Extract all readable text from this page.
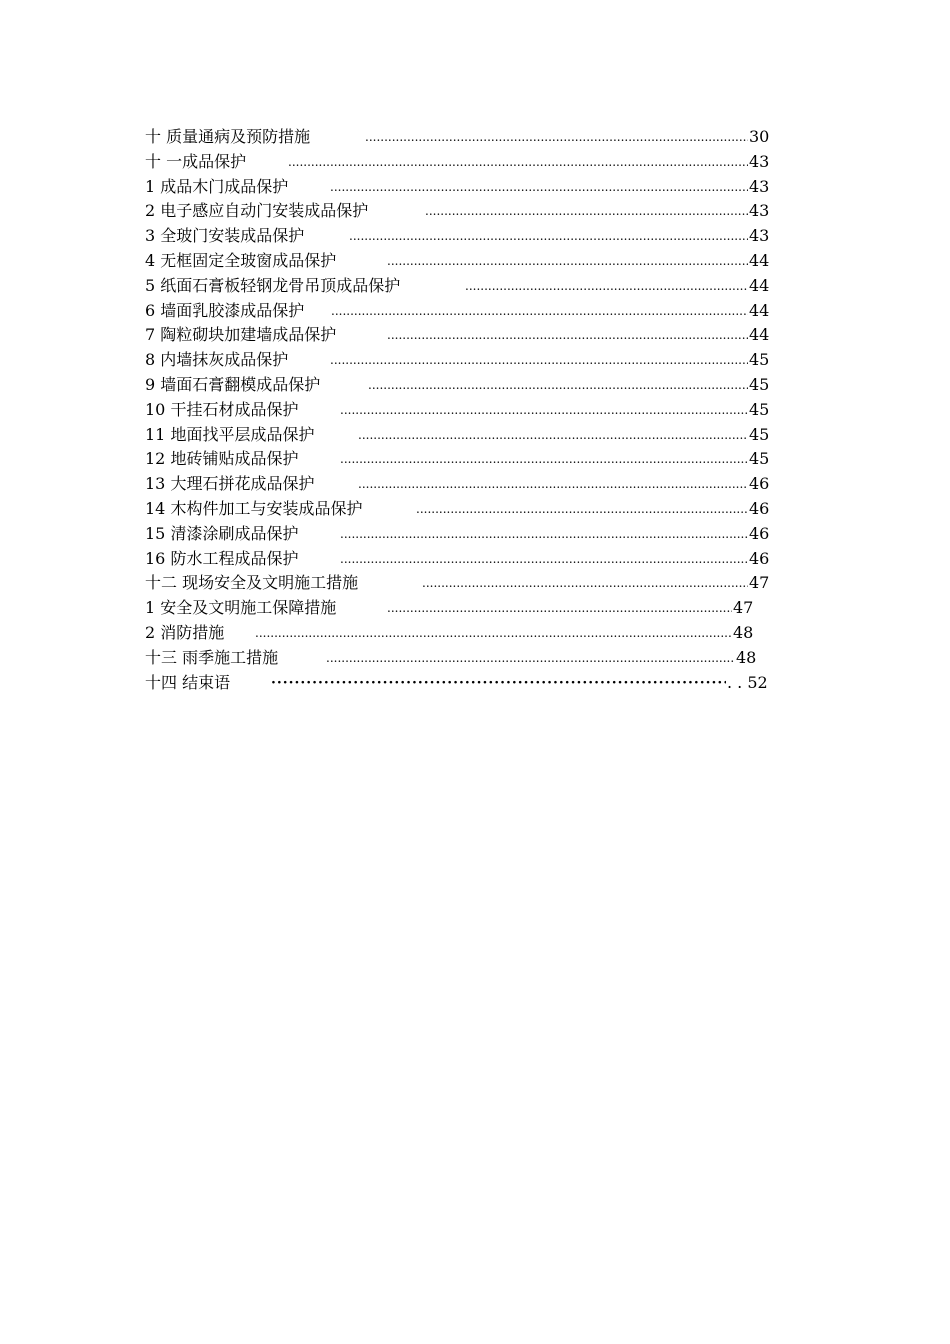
十 质量通病及预防措施 .....	30
十 一成品保护 .....	43
1 成品木门成品保护 .....	43
2 电子感应自动门安装成品保护 .....	43
3 全玻门安装成品保护 .....	43
4 无框固定全玻窗成品保护 .....	44
5 纸面石膏板轻钢龙骨吊顶成品保护 .....	44
6 墙面乳胶漆成品保护 .....	44
7 陶粒砌块加建墙成品保护 .....	44
8 内墙抹灰成品保护 .....	45
9 墙面石膏翻模成品保护 .....	45
10 干挂石材成品保护 .....	45
11 地面找平层成品保护 .....	45
12 地砖铺贴成品保护 .....	45
13 大理石拼花成品保护 .....	46
14 木构件加工与安装成品保护 .....	46
15 清漆涂刷成品保护 .....	46
16 防水工程成品保护 .....	46
十二 现场安全及文明施工措施 .....	47
1 安全及文明施工保障措施 .....	47
2 消防措施 .....	48
十三 雨季施工措施 .....	48
十四 结束语 ·····	. . 52
